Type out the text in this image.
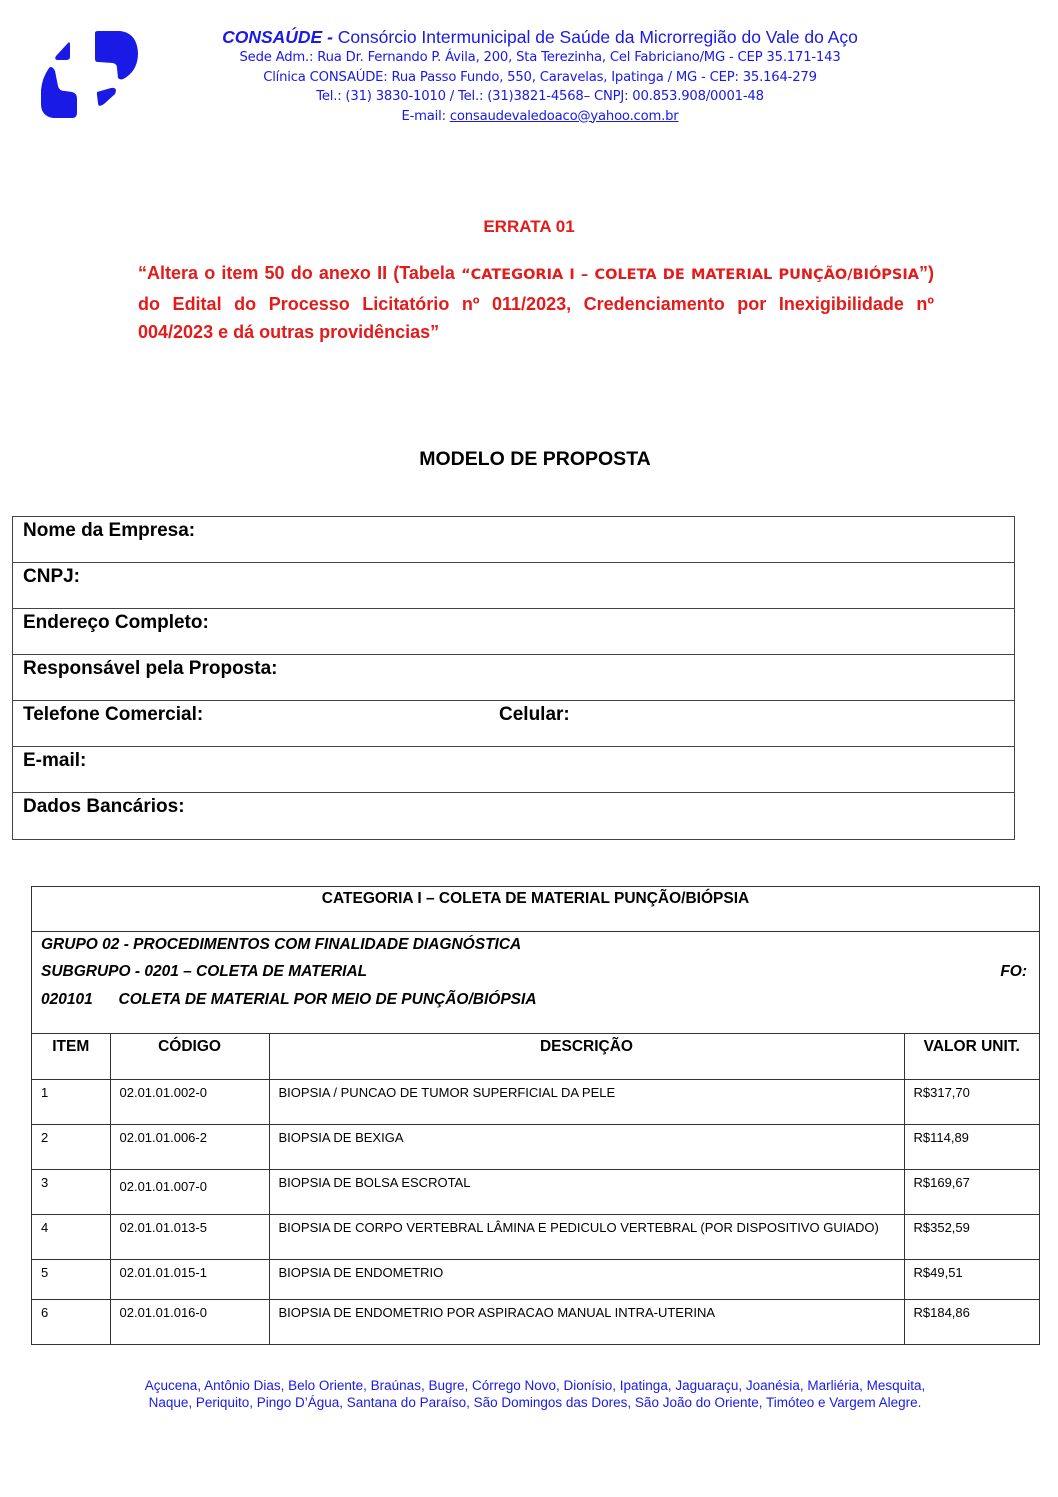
CONSAÚDE - Consórcio Intermunicipal de Saúde da Microrregião do Vale do Aço
Sede Adm.: Rua Dr. Fernando P. Ávila, 200, Sta Terezinha, Cel Fabriciano/MG - CEP 35.171-143
Clínica CONSAÚDE: Rua Passo Fundo, 550, Caravelas, Ipatinga / MG - CEP: 35.164-279
Tel.: (31) 3830-1010 / Tel.: (31)3821-4568– CNPJ: 00.853.908/0001-48
E-mail: consaudevaledoaco@yahoo.com.br
ERRATA 01
“Altera o item 50 do anexo II (Tabela “CATEGORIA I – COLETA DE MATERIAL PUNÇÃO/BIÓPSIA”) do Edital do Processo Licitatório nº 011/2023, Credenciamento por Inexigibilidade nº 004/2023 e dá outras providências”
MODELO DE PROPOSTA
Nome da Empresa:
CNPJ:
Endereço Completo:
Responsável pela Proposta:
Telefone Comercial:	Celular:
E-mail:
Dados Bancários:
CATEGORIA I – COLETA DE MATERIAL PUNÇÃO/BIÓPSIA
GRUPO 02 - PROCEDIMENTOS COM FINALIDADE DIAGNÓSTICA
SUBGRUPO - 0201 – COLETA DE MATERIAL	FO:
020101      COLETA DE MATERIAL POR MEIO DE PUNÇÃO/BIÓPSIA
ITEM	CÓDIGO	DESCRIÇÃO	VALOR UNIT.
1	02.01.01.002-0	BIOPSIA / PUNCAO DE TUMOR SUPERFICIAL DA PELE	R$317,70
2	02.01.01.006-2	BIOPSIA DE BEXIGA	R$114,89
3	02.01.01.007-0	BIOPSIA DE BOLSA ESCROTAL	R$169,67
4	02.01.01.013-5	BIOPSIA DE CORPO VERTEBRAL LÂMINA E PEDICULO VERTEBRAL (POR DISPOSITIVO GUIADO)	R$352,59
5	02.01.01.015-1	BIOPSIA DE ENDOMETRIO	R$49,51
6	02.01.01.016-0	BIOPSIA DE ENDOMETRIO POR ASPIRACAO MANUAL INTRA-UTERINA	R$184,86
Açucena, Antônio Dias, Belo Oriente, Braúnas, Bugre, Córrego Novo, Dionísio, Ipatinga, Jaguaraçu, Joanésia, Marliéria, Mesquita,
Naque, Periquito, Pingo D’Água, Santana do Paraíso, São Domingos das Dores, São João do Oriente, Timóteo e Vargem Alegre.
